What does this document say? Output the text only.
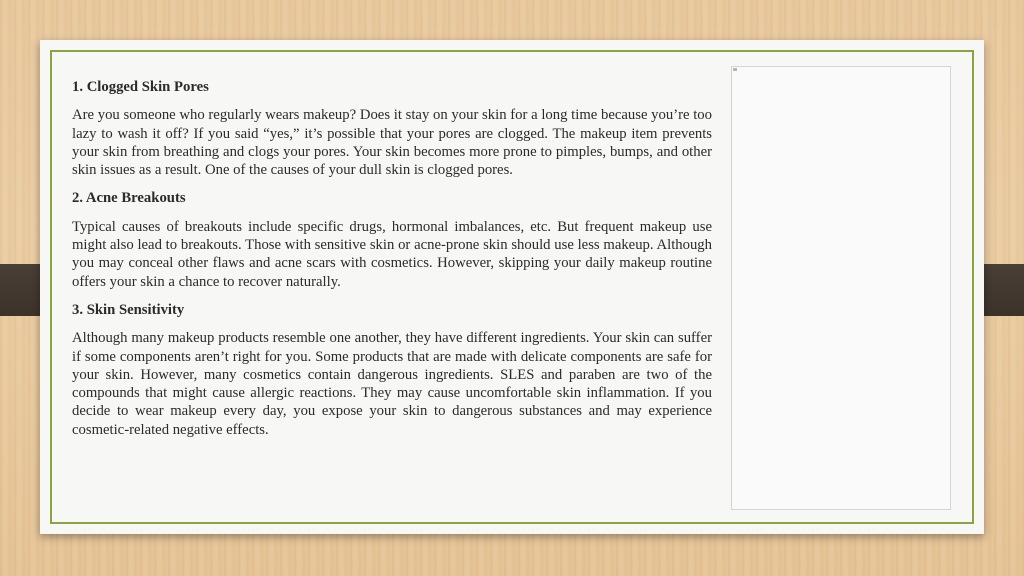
1. Clogged Skin Pores

Are you someone who regularly wears makeup? Does it stay on your skin for a long time because you’re too lazy to wash it off? If you said “yes,” it’s possible that your pores are clogged. The makeup item prevents your skin from breathing and clogs your pores. Your skin becomes more prone to pimples, bumps, and other skin issues as a result. One of the causes of your dull skin is clogged pores.

2. Acne Breakouts

Typical causes of breakouts include specific drugs, hormonal imbalances, etc. But frequent makeup use might also lead to breakouts. Those with sensitive skin or acne-prone skin should use less makeup. Although you may conceal other flaws and acne scars with cosmetics. However, skipping your daily makeup routine offers your skin a chance to recover naturally.

3. Skin Sensitivity

Although many makeup products resemble one another, they have different ingredients. Your skin can suffer if some components aren’t right for you. Some products that are made with delicate components are safe for your skin. However, many cosmetics contain dangerous ingredients. SLES and paraben are two of the compounds that might cause allergic reactions. They may cause uncomfortable skin inflammation. If you decide to wear makeup every day, you expose your skin to dangerous substances and may experience cosmetic-related negative effects.
